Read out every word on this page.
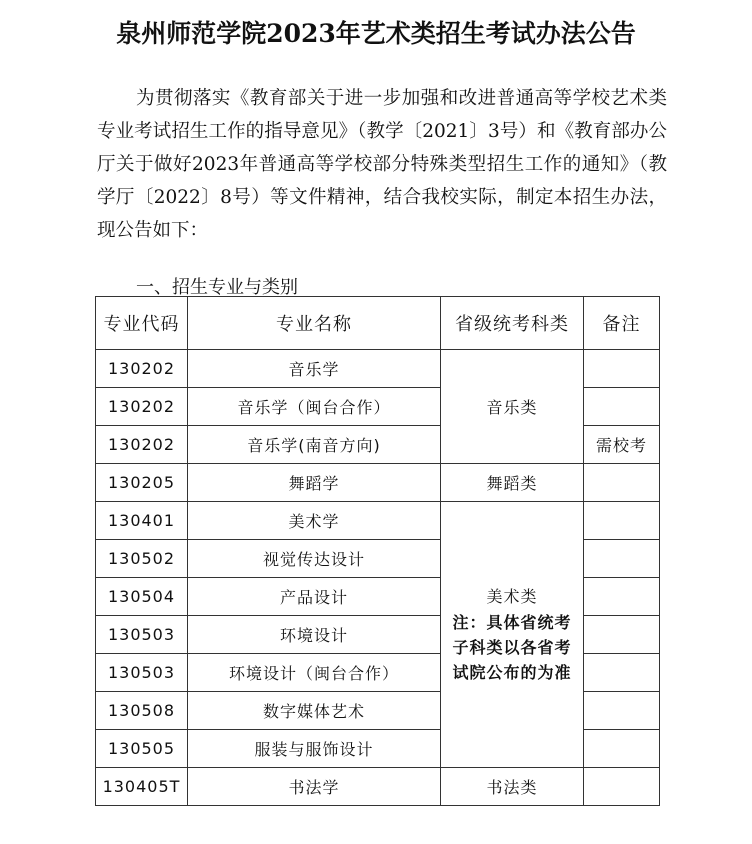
泉州师范学院2023年艺术类招生考试办法公告
为贯彻落实《教育部关于进一步加强和改进普通高等学校艺术类专业考试招生工作的指导意见》（教学〔2021〕3号）和《教育部办公厅关于做好2023年普通高等学校部分特殊类型招生工作的通知》（教学厅〔2022〕8号）等文件精神，结合我校实际，制定本招生办法，现公告如下：
一、招生专业与类别
专业代码	专业名称	省级统考科类	备注
130202	音乐学	音乐类	
130202	音乐学（闽台合作）		
130202	音乐学(南音方向)		需校考
130205	舞蹈学	舞蹈类	
130401	美术学	美术类
注：具体省统考子科类以各省考试院公布的为准	

130502	视觉传达设计		
130504	产品设计		
130503	环境设计		
130503	环境设计（闽台合作）		
130508	数字媒体艺术		
130505	服装与服饰设计		
130405T	书法学	书法类	
